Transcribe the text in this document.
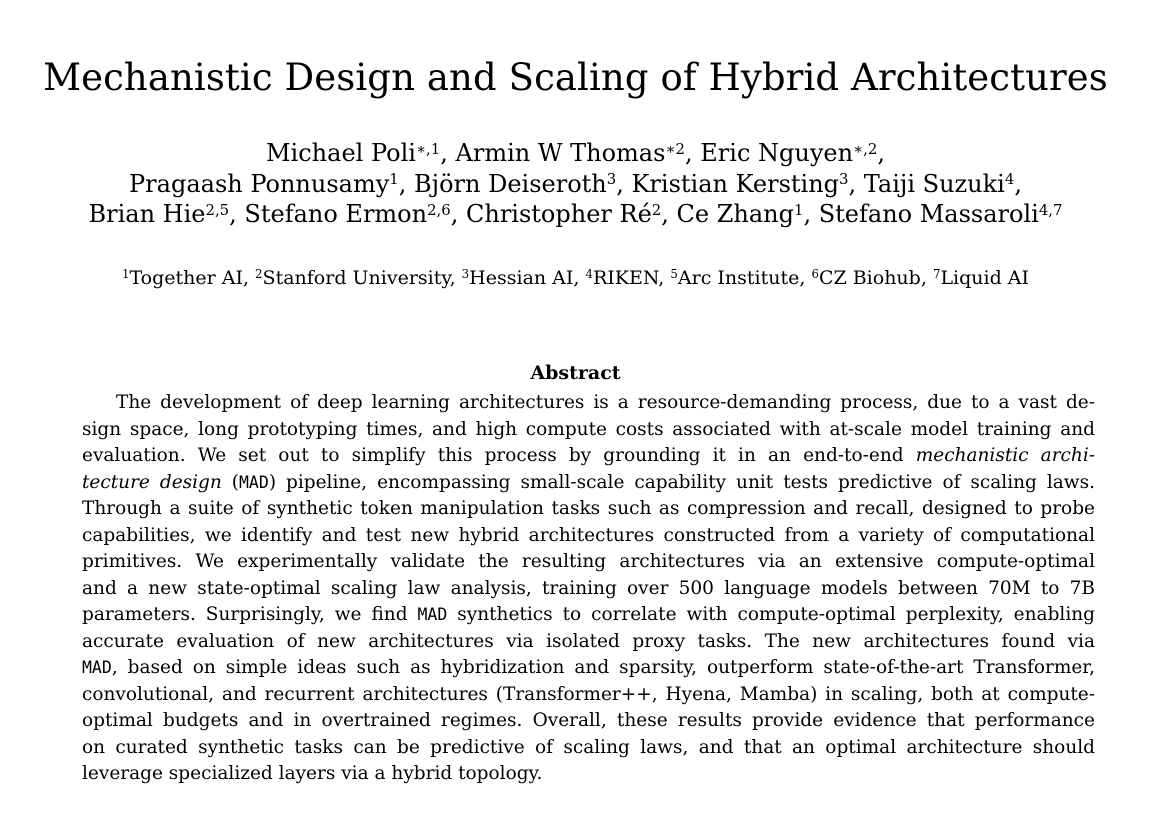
Mechanistic Design and Scaling of Hybrid Architectures
Michael Poli$^{∗,1}$, Armin W Thomas$^{∗2}$, Eric Nguyen$^{∗,2}$,
Pragaash Ponnusamy$^1$, Björn Deiseroth$^3$, Kristian Kersting$^3$, Taiji Suzuki$^4$,
Brian Hie$^{2,5}$, Stefano Ermon$^{2,6}$, Christopher $Ré^2$, Ce Zhang$^1$, Stefano Massaroli$^{4,7}$
$^1$Together AI, $^2$Stanford University, $^3$Hessian AI, $^4$RIKEN, $^5$Arc Institute, $^6$CZ Biohub, $^7$Liquid AI
Abstract
The development of deep learning architectures is a resource-demanding process, due to a vast de-
sign space, long prototyping times, and high compute costs associated with at-scale model training and
evaluation. We set out to simplify this process by grounding it in an end-to-end mechanistic archi-
tecture design (MAD) pipeline, encompassing small-scale capability unit tests predictive of scaling laws.
Through a suite of synthetic token manipulation tasks such as compression and recall, designed to probe
capabilities, we identify and test new hybrid architectures constructed from a variety of computational
primitives. We experimentally validate the resulting architectures via an extensive compute-optimal
and a new state-optimal scaling law analysis, training over 500 language models between 70M to 7B
parameters. Surprisingly, we find MAD synthetics to correlate with compute-optimal perplexity, enabling
accurate evaluation of new architectures via isolated proxy tasks. The new architectures found via
MAD, based on simple ideas such as hybridization and sparsity, outperform state-of-the-art Transformer,
convolutional, and recurrent architectures (Transformer++, Hyena, Mamba) in scaling, both at compute-
optimal budgets and in overtrained regimes. Overall, these results provide evidence that performance
on curated synthetic tasks can be predictive of scaling laws, and that an optimal architecture should
leverage specialized layers via a hybrid topology.
